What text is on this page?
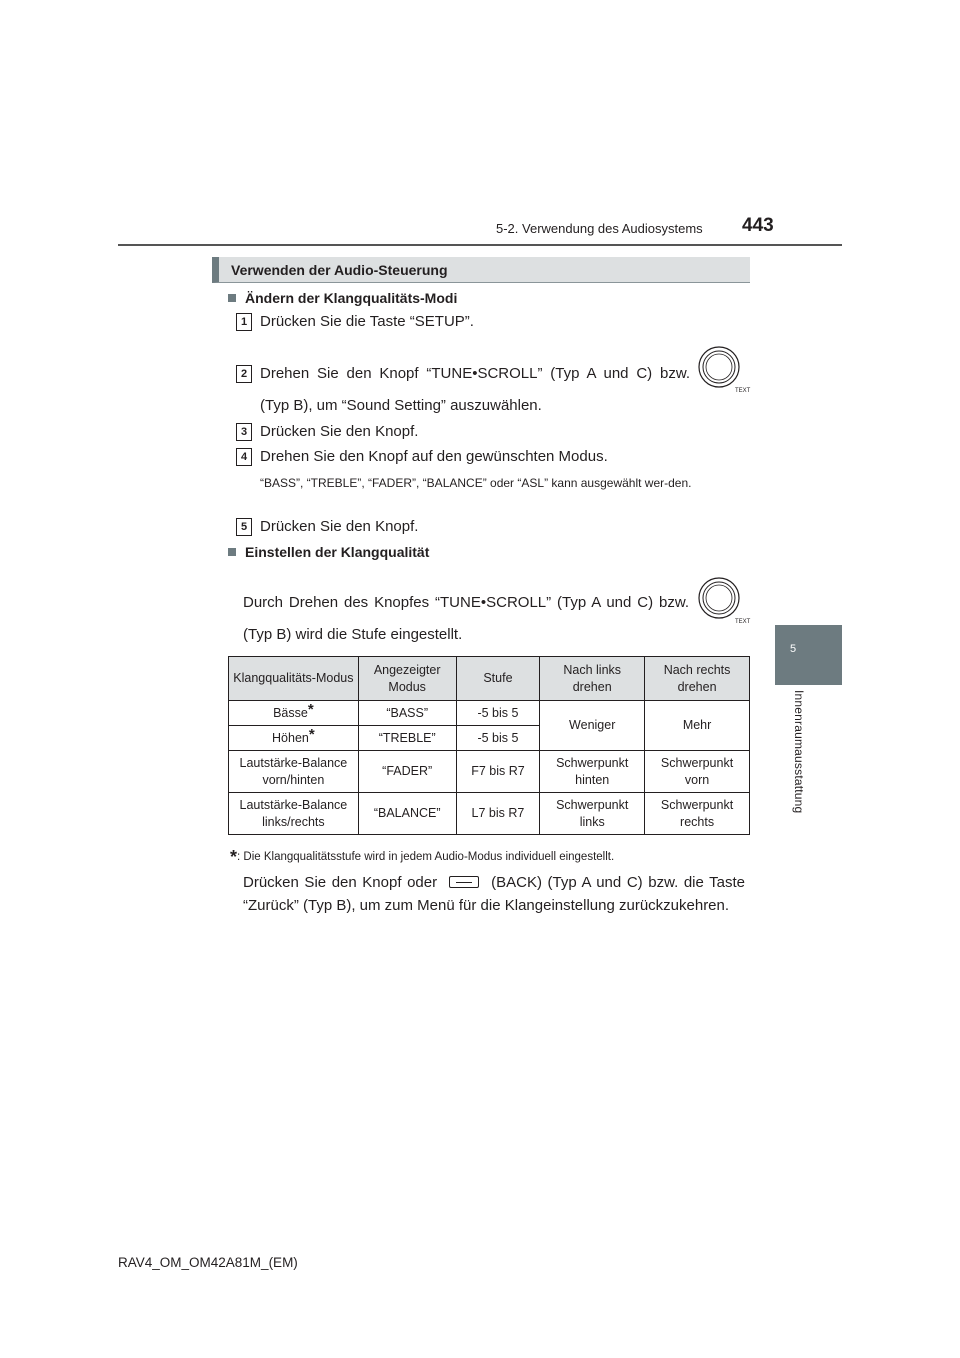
5-2. Verwendung des Audiosystems 443
5
Innenraumausstattung
Verwenden der Audio-Steuerung
Ändern der Klangqualitäts-Modi
1 Drücken Sie die Taste “SETUP”.
2 Drehen Sie den Knopf “TUNE•SCROLL” (Typ A und C) bzw.
(Typ B), um “Sound Setting” auszuwählen.
TEXT
3 Drücken Sie den Knopf.
4 Drehen Sie den Knopf auf den gewünschten Modus.
“BASS”, “TREBLE”, “FADER”, “BALANCE” oder “ASL” kann ausgewählt wer-den.
5 Drücken Sie den Knopf.
Einstellen der Klangqualität
Durch Drehen des Knopfes “TUNE•SCROLL” (Typ A und C) bzw.
(Typ B) wird die Stufe eingestellt.
TEXT
Klangqualitäts-Modus	Angezeigter Modus	Stufe	Nach links drehen	Nach rechts drehen
Bässe*	“BASS”	-5 bis 5	Weniger	Mehr
Höhen*	“TREBLE”	-5 bis 5		
Lautstärke-Balance vorn/hinten	“FADER”	F7 bis R7	Schwerpunkt hinten	Schwerpunkt vorn
Lautstärke-Balance links/rechts	“BALANCE”	L7 bis R7	Schwerpunkt links	Schwerpunkt rechts
*: Die Klangqualitätsstufe wird in jedem Audio-Modus individuell eingestellt.
Drücken Sie den Knopf oder	(BACK) (Typ A und C) bzw. die Taste
“Zurück” (Typ B), um zum Menü für die Klangeinstellung zurückzukehren.
RAV4_OM_OM42A81M_(EM)
